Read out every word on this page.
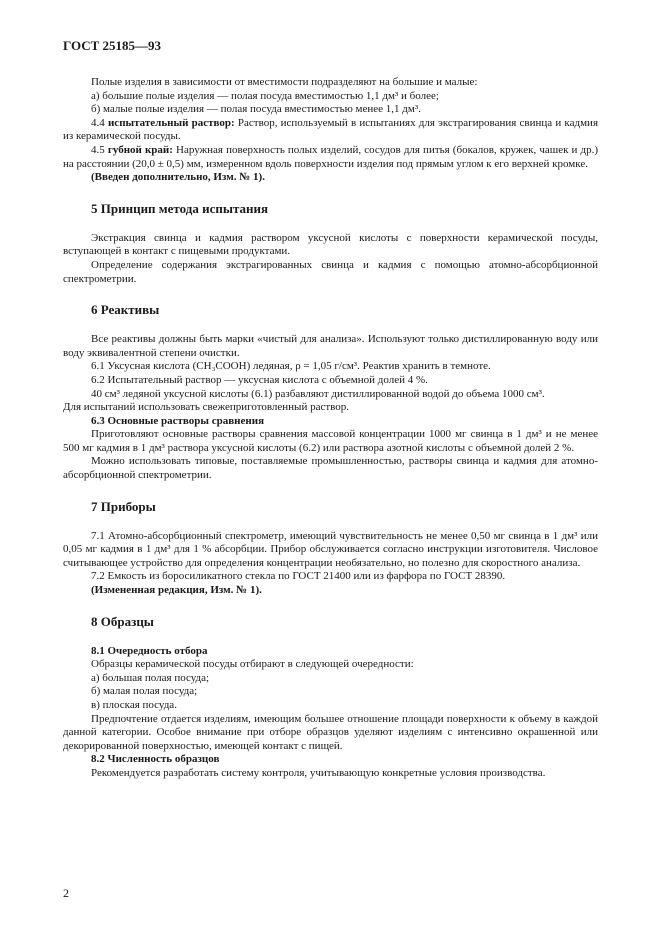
ГОСТ 25185—93

Полые изделия в зависимости от вместимости подразделяют на большие и малые:

а) большие полые изделия — полая посуда вместимостью 1,1 дм³ и более;

б) малые полые изделия — полая посуда вместимостью менее 1,1 дм³.

4.4 испытательный раствор: Раствор, используемый в испытаниях для экстрагирования свинца и кадмия из керамической посуды.

4.5 губной край: Наружная поверхность полых изделий, сосудов для питья (бокалов, кружек, чашек и др.) на расстоянии (20,0 ± 0,5) мм, измеренном вдоль поверхности изделия под прямым углом к его верхней кромке.

(Введен дополнительно, Изм. № 1).

5 Принцип метода испытания

Экстракция свинца и кадмия раствором уксусной кислоты с поверхности керамической посуды, вступающей в контакт с пищевыми продуктами.

Определение содержания экстрагированных свинца и кадмия с помощью атомно-абсорбционной спектрометрии.

6 Реактивы

Все реактивы должны быть марки «чистый для анализа». Используют только дистиллированную воду или воду эквивалентной степени очистки.

6.1 Уксусная кислота (CH₃COOH) ледяная, ρ = 1,05 г/см³. Реактив хранить в темноте.

6.2 Испытательный раствор — уксусная кислота с объемной долей 4 %.

40 см³ ледяной уксусной кислоты (6.1) разбавляют дистиллированной водой до объема 1000 см³.

Для испытаний использовать свежеприготовленный раствор.

6.3 Основные растворы сравнения

Приготовляют основные растворы сравнения массовой концентрации 1000 мг свинца в 1 дм³ и не менее 500 мг кадмия в 1 дм³ раствора уксусной кислоты (6.2) или раствора азотной кислоты с объемной долей 2 %.

Можно использовать типовые, поставляемые промышленностью, растворы свинца и кадмия для атомно-абсорбционной спектрометрии.

7 Приборы

7.1 Атомно-абсорбционный спектрометр, имеющий чувствительность не менее 0,50 мг свинца в 1 дм³ или 0,05 мг кадмия в 1 дм³ для 1 % абсорбции. Прибор обслуживается согласно инструкции изготовителя. Числовое считывающее устройство для определения концентрации необязательно, но полезно для скоростного анализа.

7.2 Емкость из боросиликатного стекла по ГОСТ 21400 или из фарфора по ГОСТ 28390.

(Измененная редакция, Изм. № 1).

8 Образцы

8.1 Очередность отбора

Образцы керамической посуды отбирают в следующей очередности:

а) большая полая посуда;

б) малая полая посуда;

в) плоская посуда.

Предпочтение отдается изделиям, имеющим большее отношение площади поверхности к объему в каждой данной категории. Особое внимание при отборе образцов уделяют изделиям с интенсивно окрашенной или декорированной поверхностью, имеющей контакт с пищей.

8.2 Численность образцов

Рекомендуется разработать систему контроля, учитывающую конкретные условия производства.

2
